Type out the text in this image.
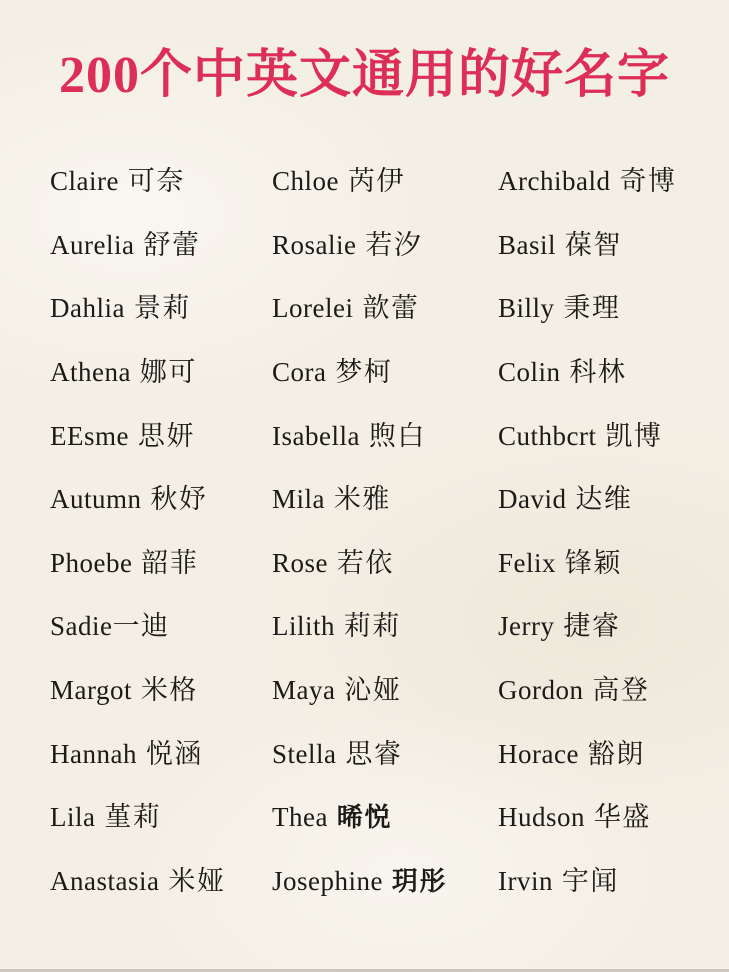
200个中英文通用的好名字
Claire 可奈	Chloe 芮伊	Archibald 奇博
Aurelia 舒蕾	Rosalie 若汐	Basil 葆智
Dahlia 景莉	Lorelei 歆蕾	Billy 秉理
Athena 娜可	Cora 梦柯	Colin 科林
EEsme 思妍	Isabella 煦白	Cuthbcrt 凯博
Autumn 秋妤	Mila 米雅	David 达维
Phoebe 韶菲	Rose 若依	Felix 锋颖
Sadie一迪	Lilith 莉莉	Jerry 捷睿
Margot 米格	Maya 沁娅	Gordon 高登
Hannah 悦涵	Stella 思睿	Horace 豁朗
Lila 堇莉	Thea 晞悦	Hudson 华盛
Anastasia 米娅	Josephine 玥彤	Irvin 宇闻
